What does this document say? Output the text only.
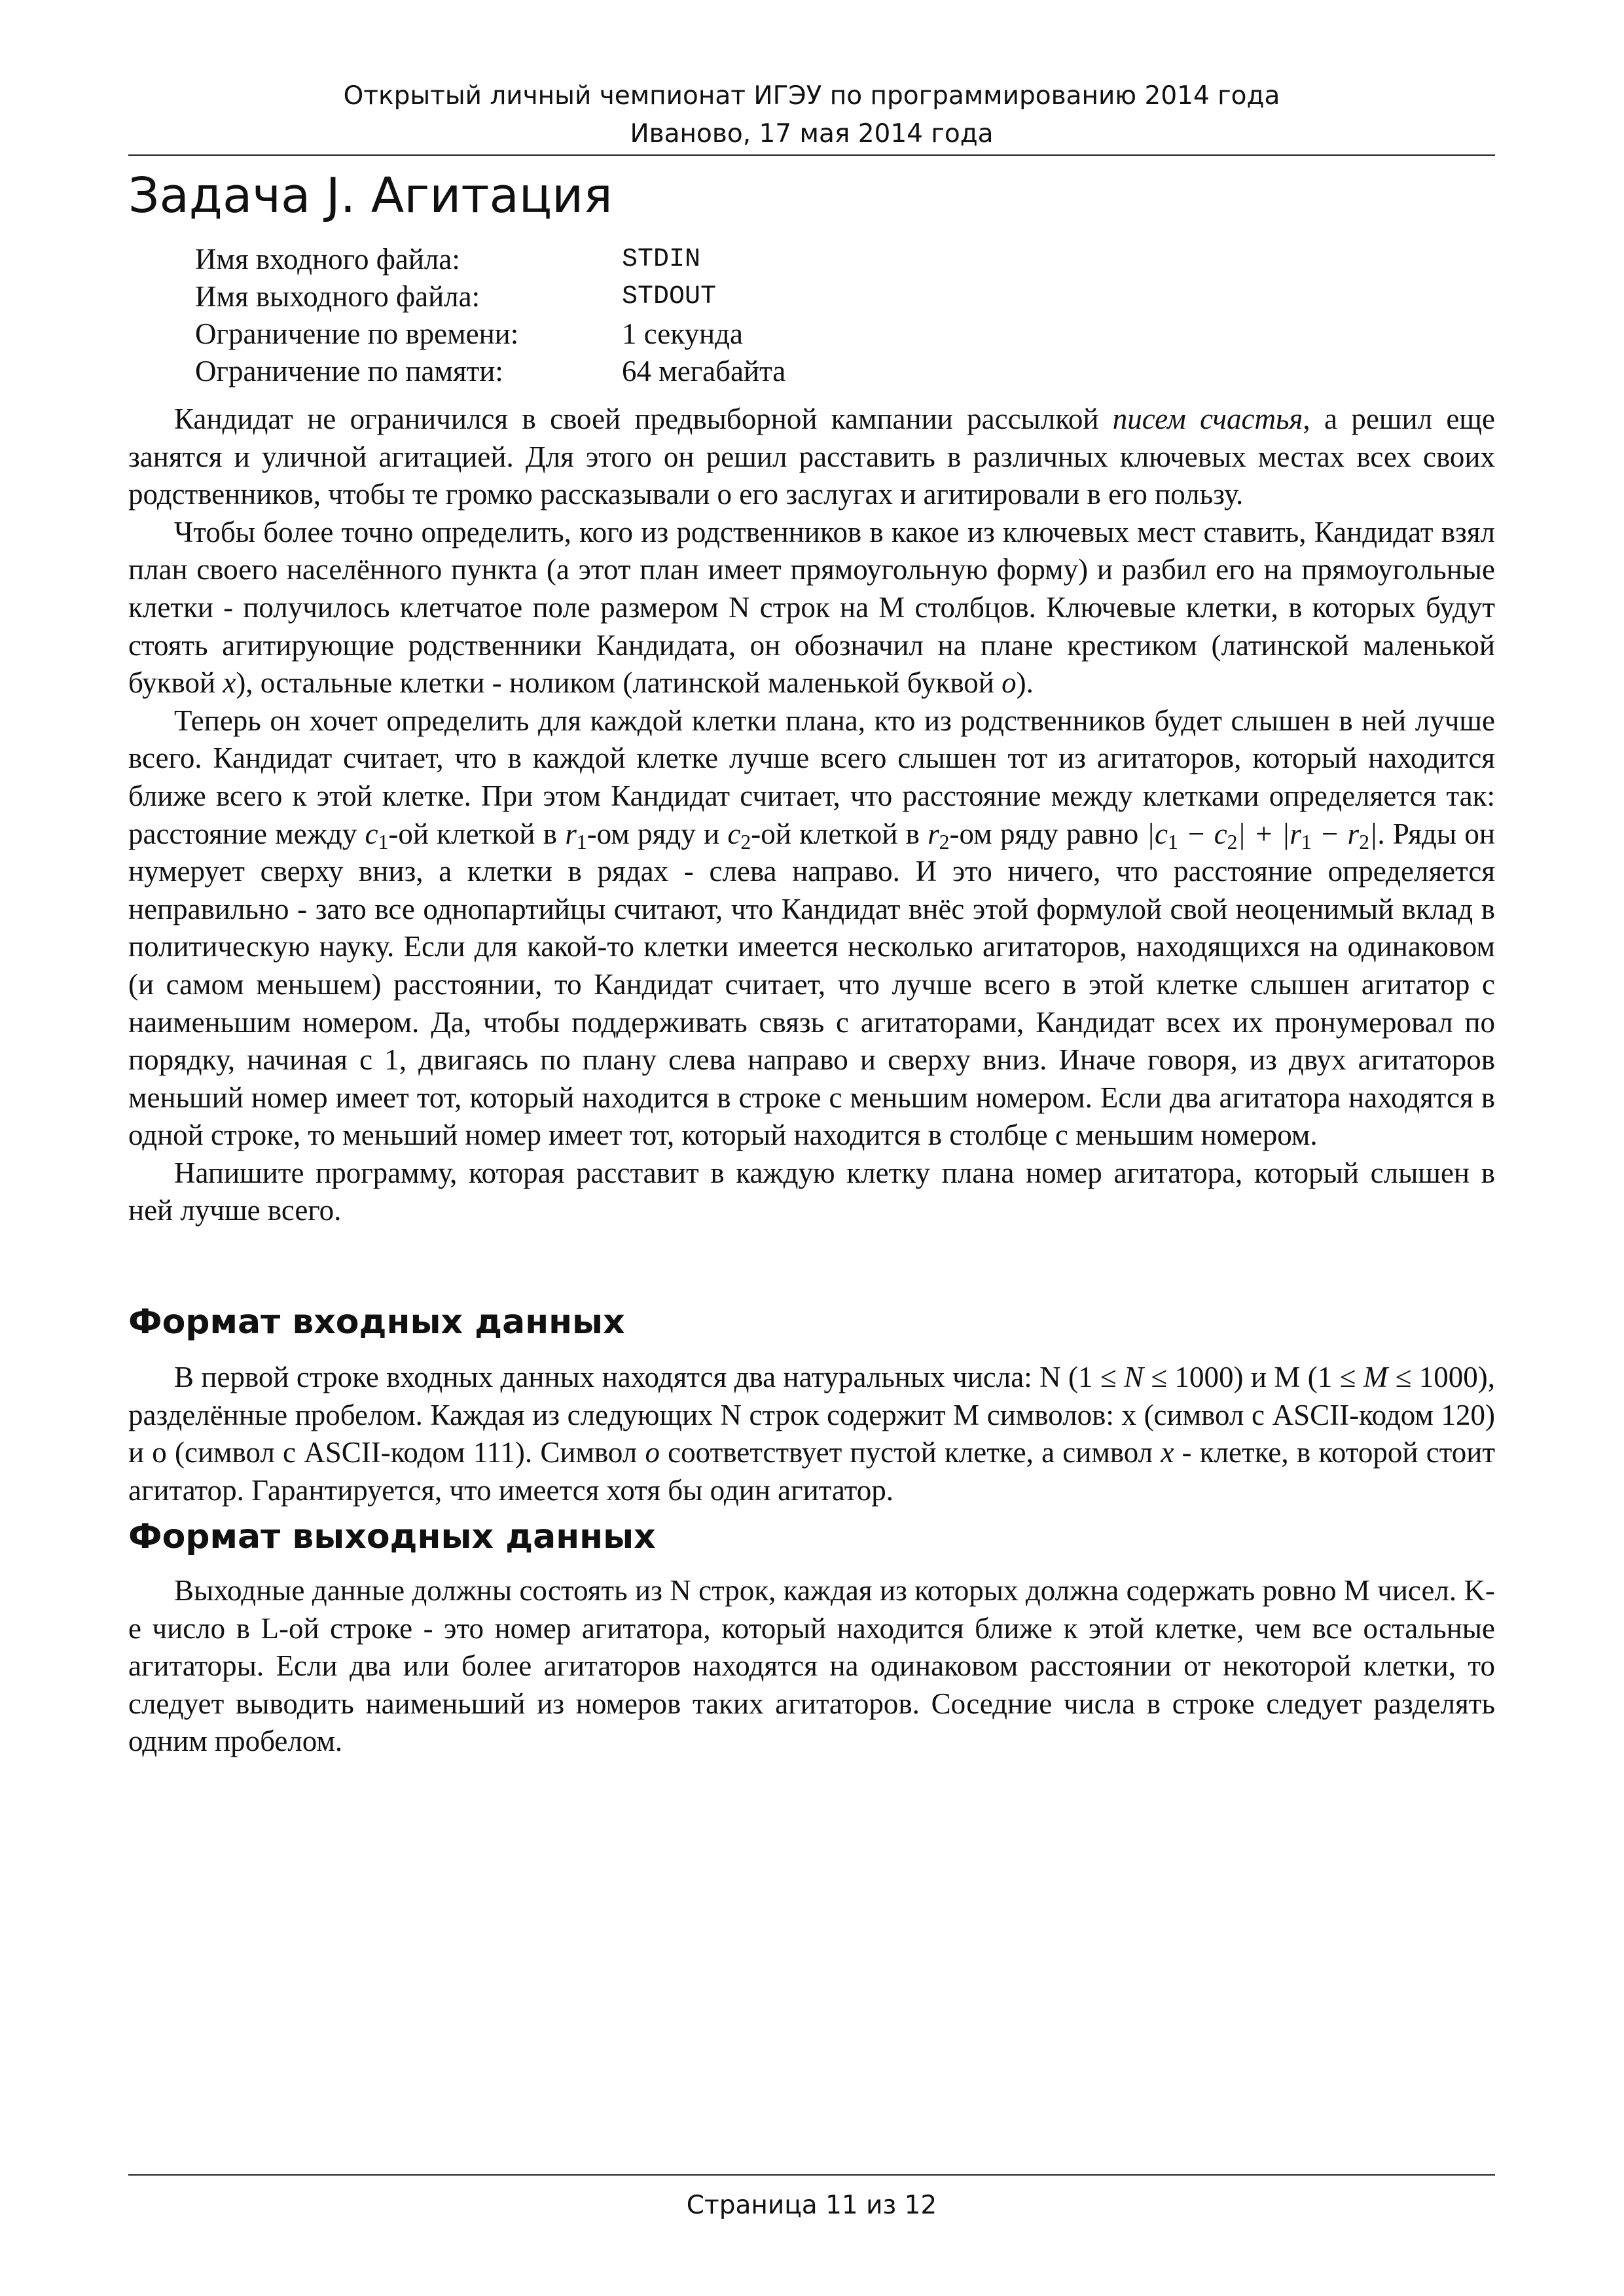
Открытый личный чемпионат ИГЭУ по программированию 2014 года
Иваново, 17 мая 2014 года
Задача J. Агитация
Имя входного файла:	STDIN
Имя выходного файла:	STDOUT
Ограничение по времени:	1 секунда
Ограничение по памяти:	64 мегабайта

Кандидат не ограничился в своей предвыборной кампании рассылкой писем счастья, а решил еще занятся и уличной агитацией. Для этого он решил расставить в различных ключевых местах всех своих родственников, чтобы те громко рассказывали о его заслугах и агитировали в его пользу.

Чтобы более точно определить, кого из родственников в какое из ключевых мест ставить, Кандидат взял план своего населённого пункта (а этот план имеет прямоугольную форму) и разбил его на прямоугольные клетки - получилось клетчатое поле размером N строк на M столбцов. Ключевые клетки, в которых будут стоять агитирующие родственники Кандидата, он обозначил на плане крестиком (латинской маленькой буквой x), остальные клетки - ноликом (латинской маленькой буквой o).

Теперь он хочет определить для каждой клетки плана, кто из родственников будет слышен в ней лучше всего. Кандидат считает, что в каждой клетке лучше всего слышен тот из агитаторов, который находится ближе всего к этой клетке. При этом Кандидат считает, что расстояние между клетками определяется так: расстояние между $c_1-ой$ клеткой в $r_1-ом$ ряду и $c_2-ой$ клеткой в $r_2-ом$ ряду равно $|c_1 - c_2| + |r_1 - r_2|$. Ряды он нумерует сверху вниз, а клетки в рядах - слева направо. И это ничего, что расстояние определяется неправильно - зато все однопартийцы считают, что Кандидат внёс этой формулой свой неоценимый вклад в политическую науку. Если для какой-то клетки имеется несколько агитаторов, находящихся на одинаковом (и самом меньшем) расстоянии, то Кандидат считает, что лучше всего в этой клетке слышен агитатор с наименьшим номером. Да, чтобы поддерживать связь с агитаторами, Кандидат всех их пронумеровал по порядку, начиная с 1, двигаясь по плану слева направо и сверху вниз. Иначе говоря, из двух агитаторов меньший номер имеет тот, который находится в строке с меньшим номером. Если два агитатора находятся в одной строке, то меньший номер имеет тот, который находится в столбце с меньшим номером.

Напишите программу, которая расставит в каждую клетку плана номер агитатора, который слышен в ней лучше всего.

Формат входных данных

В первой строке входных данных находятся два натуральных числа: N (1 ≤ N ≤ 1000) и M (1 ≤ M ≤ 1000), разделённые пробелом. Каждая из следующих N строк содержит M символов: x (символ с ASCII-кодом 120) и o (символ с ASCII-кодом 111). Символ o соответствует пустой клетке, а символ x - клетке, в которой стоит агитатор. Гарантируется, что имеется хотя бы один агитатор.

Формат выходных данных

Выходные данные должны состоять из N строк, каждая из которых должна содержать ровно M чисел. K-е число в L-ой строке - это номер агитатора, который находится ближе к этой клетке, чем все остальные агитаторы. Если два или более агитаторов находятся на одинаковом расстоянии от некоторой клетки, то следует выводить наименьший из номеров таких агитаторов. Соседние числа в строке следует разделять одним пробелом.

Страница 11 из 12
